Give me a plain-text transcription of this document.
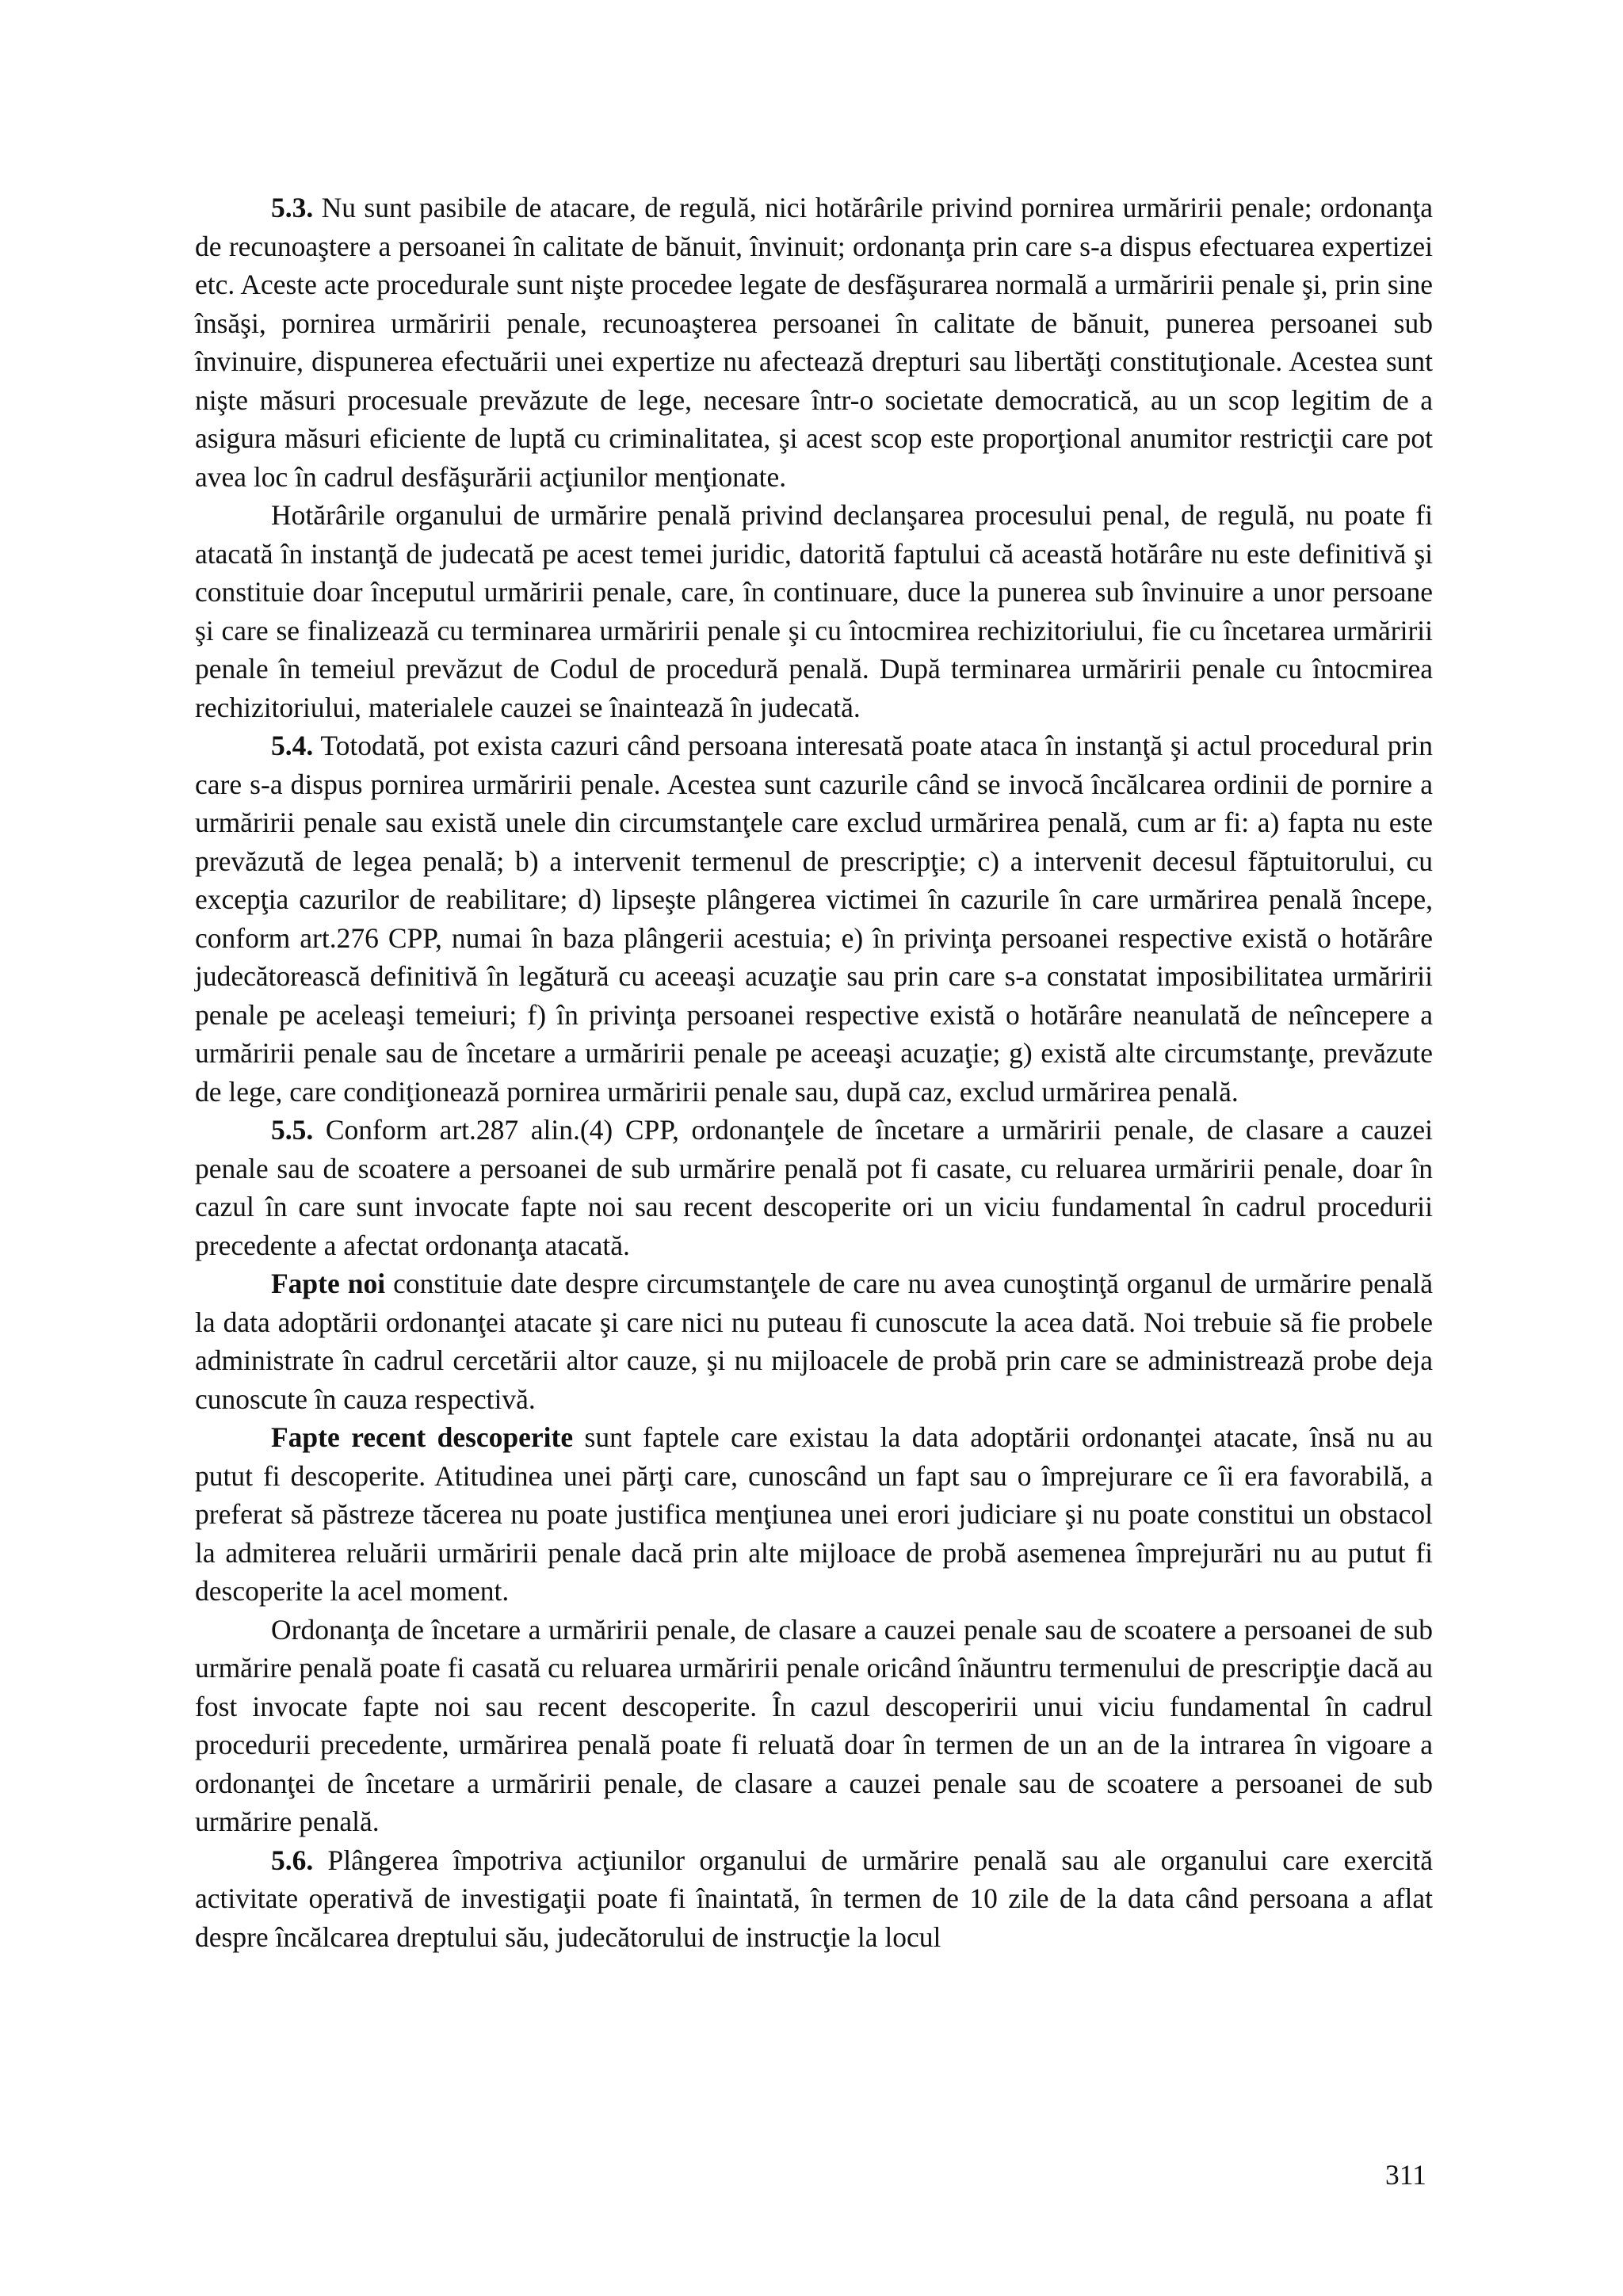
5.3. Nu sunt pasibile de atacare, de regulă, nici hotărârile privind pornirea urmăririi penale; ordonanţa de recunoaştere a persoanei în calitate de bănuit, învinuit; ordonanţa prin care s-a dispus efectuarea expertizei etc. Aceste acte procedurale sunt nişte procedee legate de desfăşurarea normală a urmăririi penale şi, prin sine însăşi, pornirea urmăririi penale, recunoaşterea persoanei în calitate de bănuit, punerea persoanei sub învinuire, dispunerea efectuării unei expertize nu afectează drepturi sau libertăţi constituţionale. Acestea sunt nişte măsuri procesuale prevăzute de lege, necesare într-o societate democratică, au un scop legitim de a asigura măsuri eficiente de luptă cu criminalitatea, şi acest scop este proporţional anumitor restricţii care pot avea loc în cadrul desfăşurării acţiunilor menţionate.

Hotărârile organului de urmărire penală privind declanşarea procesului penal, de regulă, nu poate fi atacată în instanţă de judecată pe acest temei juridic, datorită faptului că această hotărâre nu este definitivă şi constituie doar începutul urmăririi penale, care, în continuare, duce la punerea sub învinuire a unor persoane şi care se finalizează cu terminarea urmăririi penale şi cu întocmirea rechizitoriului, fie cu încetarea urmăririi penale în temeiul prevăzut de Codul de procedură penală. După terminarea urmăririi penale cu întocmirea rechizitoriului, materialele cauzei se înaintează în judecată.

5.4. Totodată, pot exista cazuri când persoana interesată poate ataca în instanţă şi actul procedural prin care s-a dispus pornirea urmăririi penale. Acestea sunt cazurile când se invocă încălcarea ordinii de pornire a urmăririi penale sau există unele din circumstanţele care exclud urmărirea penală, cum ar fi: a) fapta nu este prevăzută de legea penală; b) a intervenit termenul de prescripţie; c) a intervenit decesul făptuitorului, cu excepţia cazurilor de reabilitare; d) lipseşte plângerea victimei în cazurile în care urmărirea penală începe, conform art.276 CPP, numai în baza plângerii acestuia; e) în privinţa persoanei respective există o hotărâre judecătorească definitivă în legătură cu aceeaşi acuzaţie sau prin care s-a constatat imposibilitatea urmăririi penale pe aceleaşi temeiuri; f) în privinţa persoanei respective există o hotărâre neanulată de neîncepere a urmăririi penale sau de încetare a urmăririi penale pe aceeaşi acuzaţie; g) există alte circumstanţe, prevăzute de lege, care condiţionează pornirea urmăririi penale sau, după caz, exclud urmărirea penală.

5.5. Conform art.287 alin.(4) CPP, ordonanţele de încetare a urmăririi penale, de clasare a cauzei penale sau de scoatere a persoanei de sub urmărire penală pot fi casate, cu reluarea urmăririi penale, doar în cazul în care sunt invocate fapte noi sau recent descoperite ori un viciu fundamental în cadrul procedurii precedente a afectat ordonanţa atacată.

Fapte noi constituie date despre circumstanţele de care nu avea cunoştinţă organul de urmărire penală la data adoptării ordonanţei atacate şi care nici nu puteau fi cunoscute la acea dată. Noi trebuie să fie probele administrate în cadrul cercetării altor cauze, şi nu mijloacele de probă prin care se administrează probe deja cunoscute în cauza respectivă.

Fapte recent descoperite sunt faptele care existau la data adoptării ordonanţei atacate, însă nu au putut fi descoperite. Atitudinea unei părţi care, cunoscând un fapt sau o împrejurare ce îi era favorabilă, a preferat să păstreze tăcerea nu poate justifica menţiunea unei erori judiciare şi nu poate constitui un obstacol la admiterea reluării urmăririi penale dacă prin alte mijloace de probă asemenea împrejurări nu au putut fi descoperite la acel moment.

Ordonanţa de încetare a urmăririi penale, de clasare a cauzei penale sau de scoatere a persoanei de sub urmărire penală poate fi casată cu reluarea urmăririi penale oricând înăuntru termenului de prescripţie dacă au fost invocate fapte noi sau recent descoperite. În cazul descoperirii unui viciu fundamental în cadrul procedurii precedente, urmărirea penală poate fi reluată doar în termen de un an de la intrarea în vigoare a ordonanţei de încetare a urmăririi penale, de clasare a cauzei penale sau de scoatere a persoanei de sub urmărire penală.

5.6. Plângerea împotriva acţiunilor organului de urmărire penală sau ale organului care exercită activitate operativă de investigaţii poate fi înaintată, în termen de 10 zile de la data când persoana a aflat despre încălcarea dreptului său, judecătorului de instrucţie la locul

311
